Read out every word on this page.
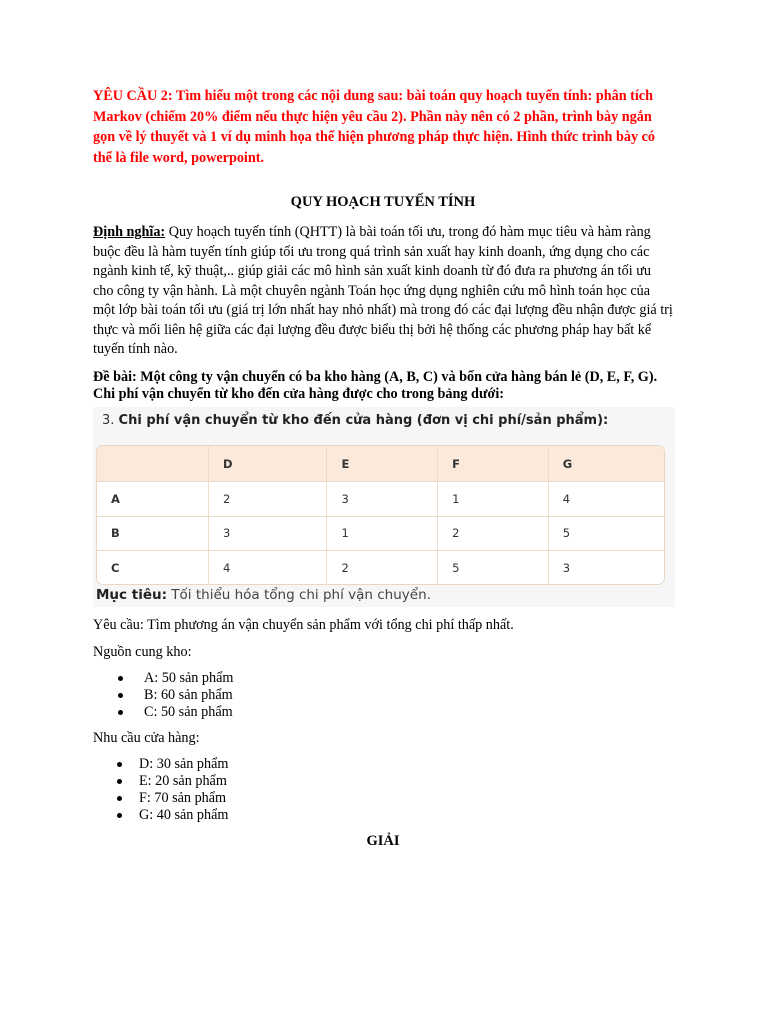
YÊU CẦU 2: Tìm hiểu một trong các nội dung sau: bài toán quy hoạch tuyến tính: phân tích Markov (chiếm 20% điểm nếu thực hiện yêu cầu 2). Phần này nên có 2 phần, trình bày ngắn gọn về lý thuyết và 1 ví dụ minh họa thể hiện phương pháp thực hiện. Hình thức trình bày có thể là file word, powerpoint.

QUY HOẠCH TUYẾN TÍNH

Định nghĩa: Quy hoạch tuyến tính (QHTT) là bài toán tối ưu, trong đó hàm mục tiêu và hàm ràng buộc đều là hàm tuyến tính giúp tối ưu trong quá trình sản xuất hay kinh doanh, ứng dụng cho các ngành kinh tế, kỹ thuật,.. giúp giải các mô hình sản xuất kinh doanh từ đó đưa ra phương án tối ưu cho công ty vận hành. Là một chuyên ngành Toán học ứng dụng nghiên cứu mô hình toán học của một lớp bài toán tối ưu (giá trị lớn nhất hay nhỏ nhất) mà trong đó các đại lượng đều nhận được giá trị thực và mối liên hệ giữa các đại lượng đều được biểu thị bởi hệ thống các phương pháp hay bất kể tuyến tính nào.

Đề bài: Một công ty vận chuyển có ba kho hàng (A, B, C) và bốn cửa hàng bán lẻ (D, E, F, G). Chi phí vận chuyển từ kho đến cửa hàng được cho trong bảng dưới:

3. Chi phí vận chuyển từ kho đến cửa hàng (đơn vị chi phí/sản phẩm):
	D	E	F	G
A	2	3	1	4
B	3	1	2	5
C	4	2	5	3
Mục tiêu: Tối thiểu hóa tổng chi phí vận chuyển.

Yêu cầu: Tìm phương án vận chuyển sản phẩm với tổng chi phí thấp nhất.

Nguồn cung kho:

A: 50 sản phẩm
B: 60 sản phẩm
C: 50 sản phẩm

Nhu cầu cửa hàng:

D: 30 sản phẩm
E: 20 sản phẩm
F: 70 sản phẩm
G: 40 sản phẩm

GIẢI
